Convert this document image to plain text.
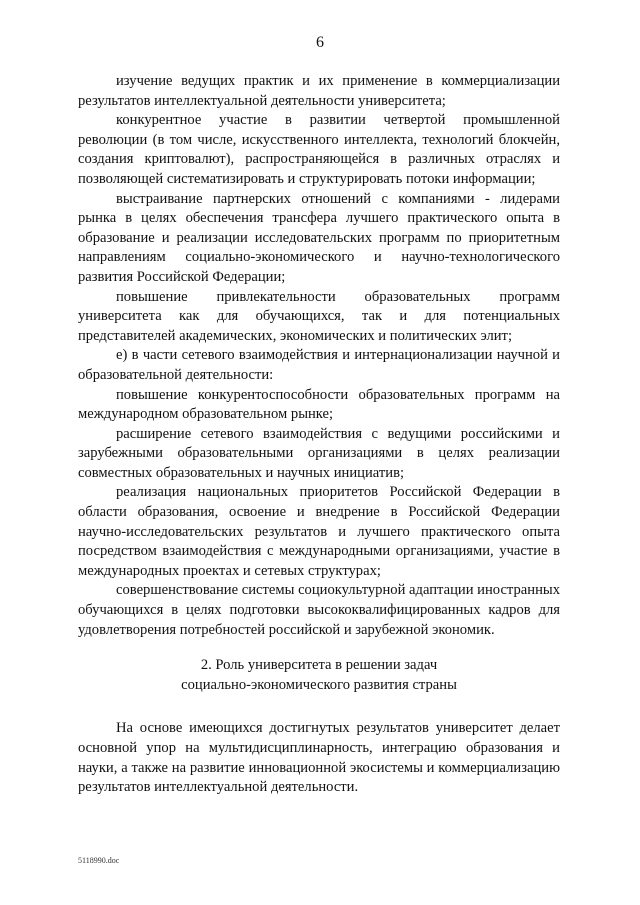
6

изучение ведущих практик и их применение в коммерциализации результатов интеллектуальной деятельности университета;

конкурентное участие в развитии четвертой промышленной революции (в том числе, искусственного интеллекта, технологий блокчейн, создания криптовалют), распространяющейся в различных отраслях и позволяющей систематизировать и структурировать потоки информации;

выстраивание партнерских отношений с компаниями - лидерами рынка в целях обеспечения трансфера лучшего практического опыта в образование и реализации исследовательских программ по приоритетным направлениям социально-экономического и научно-технологического развития Российской Федерации;

повышение привлекательности образовательных программ университета как для обучающихся, так и для потенциальных представителей академических, экономических и политических элит;

е) в части сетевого взаимодействия и интернационализации научной и образовательной деятельности:

повышение конкурентоспособности образовательных программ на международном образовательном рынке;

расширение сетевого взаимодействия с ведущими российскими и зарубежными образовательными организациями в целях реализации совместных образовательных и научных инициатив;

реализация национальных приоритетов Российской Федерации в области образования, освоение и внедрение в Российской Федерации научно-исследовательских результатов и лучшего практического опыта посредством взаимодействия с международными организациями, участие в международных проектах и сетевых структурах;

совершенствование системы социокультурной адаптации иностранных обучающихся в целях подготовки высококвалифицированных кадров для удовлетворения потребностей российской и зарубежной экономик.

2. Роль университета в решении задач
социально-экономического развития страны

На основе имеющихся достигнутых результатов университет делает основной упор на мультидисциплинарность, интеграцию образования и науки, а также на развитие инновационной экосистемы и коммерциализацию результатов интеллектуальной деятельности.

5118990.doc
